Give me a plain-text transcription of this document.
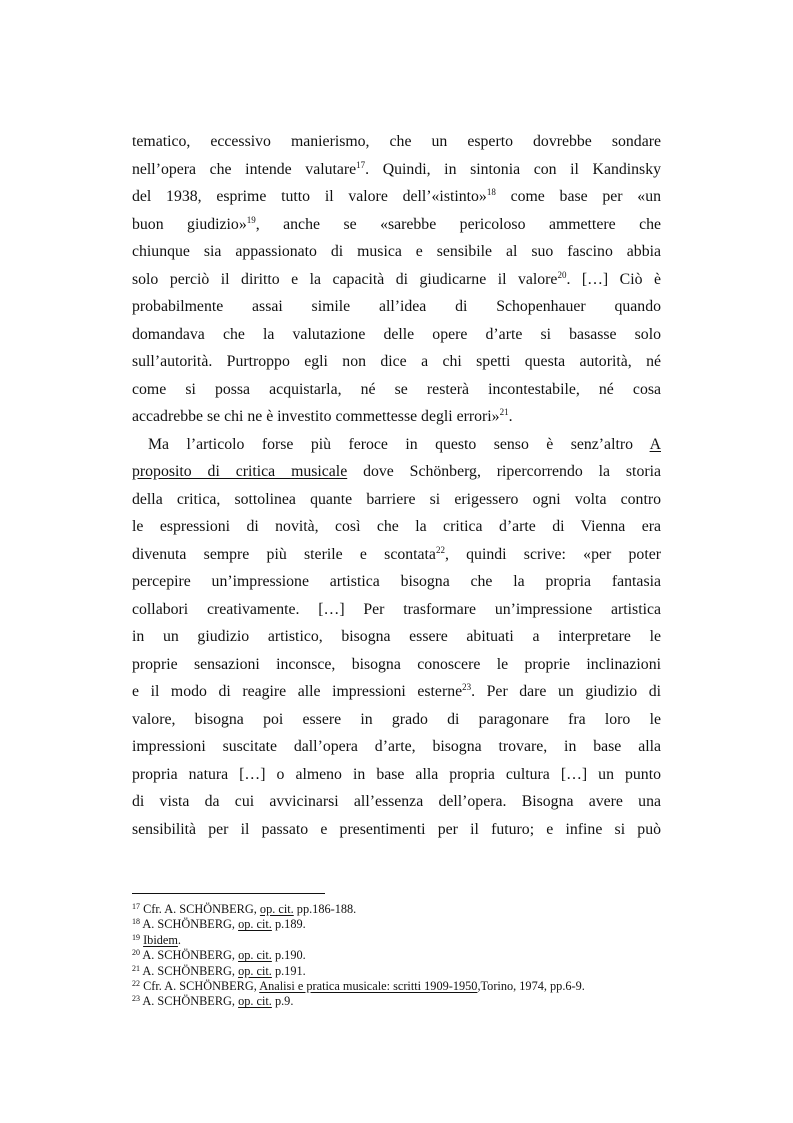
tematico, eccessivo manierismo, che un esperto dovrebbe sondare
nell’opera che intende valutare$^{17}$. Quindi, in sintonia con il Kandinsky
del 1938, esprime tutto il valore dell’«istinto»$^{18}$ come base per «un
buon giudizio»$^{19}$, anche se «sarebbe pericoloso ammettere che
chiunque sia appassionato di musica e sensibile al suo fascino abbia
solo perciò il diritto e la capacità di giudicarne il valore$^{20}$. […] Ciò è
probabilmente assai simile all’idea di Schopenhauer quando
domandava che la valutazione delle opere d’arte si basasse solo
sull’autorità. Purtroppo egli non dice a chi spetti questa autorità, né
come si possa acquistarla, né se resterà incontestabile, né cosa
accadrebbe se chi ne è investito commettesse degli errori»$^{21}$.
Ma l’articolo forse più feroce in questo senso è senz’altro A
proposito di critica musicale dove Schönberg, ripercorrendo la storia
della critica, sottolinea quante barriere si erigessero ogni volta contro
le espressioni di novità, così che la critica d’arte di Vienna era
divenuta sempre più sterile e scontata$^{22}$, quindi scrive: «per poter
percepire un’impressione artistica bisogna che la propria fantasia
collabori creativamente. […] Per trasformare un’impressione artistica
in un giudizio artistico, bisogna essere abituati a interpretare le
proprie sensazioni inconsce, bisogna conoscere le proprie inclinazioni
e il modo di reagire alle impressioni esterne$^{23}$. Per dare un giudizio di
valore, bisogna poi essere in grado di paragonare fra loro le
impressioni suscitate dall’opera d’arte, bisogna trovare, in base alla
propria natura […] o almeno in base alla propria cultura […] un punto
di vista da cui avvicinarsi all’essenza dell’opera. Bisogna avere una
sensibilità per il passato e presentimenti per il futuro; e infine si può
$^{17}$ Cfr. A. SCHÖNBERG, op. cit. pp.186-188.
$^{18}$ A. SCHÖNBERG, op. cit. p.189.
$^{19}$ Ibidem.
$^{20}$ A. SCHÖNBERG, op. cit. p.190.
$^{21}$ A. SCHÖNBERG, op. cit. p.191.
$^{22}$ Cfr. A. SCHÖNBERG, Analisi e pratica musicale: scritti 1909-1950,Torino, 1974, pp.6-9.
$^{23}$ A. SCHÖNBERG, op. cit. p.9.
